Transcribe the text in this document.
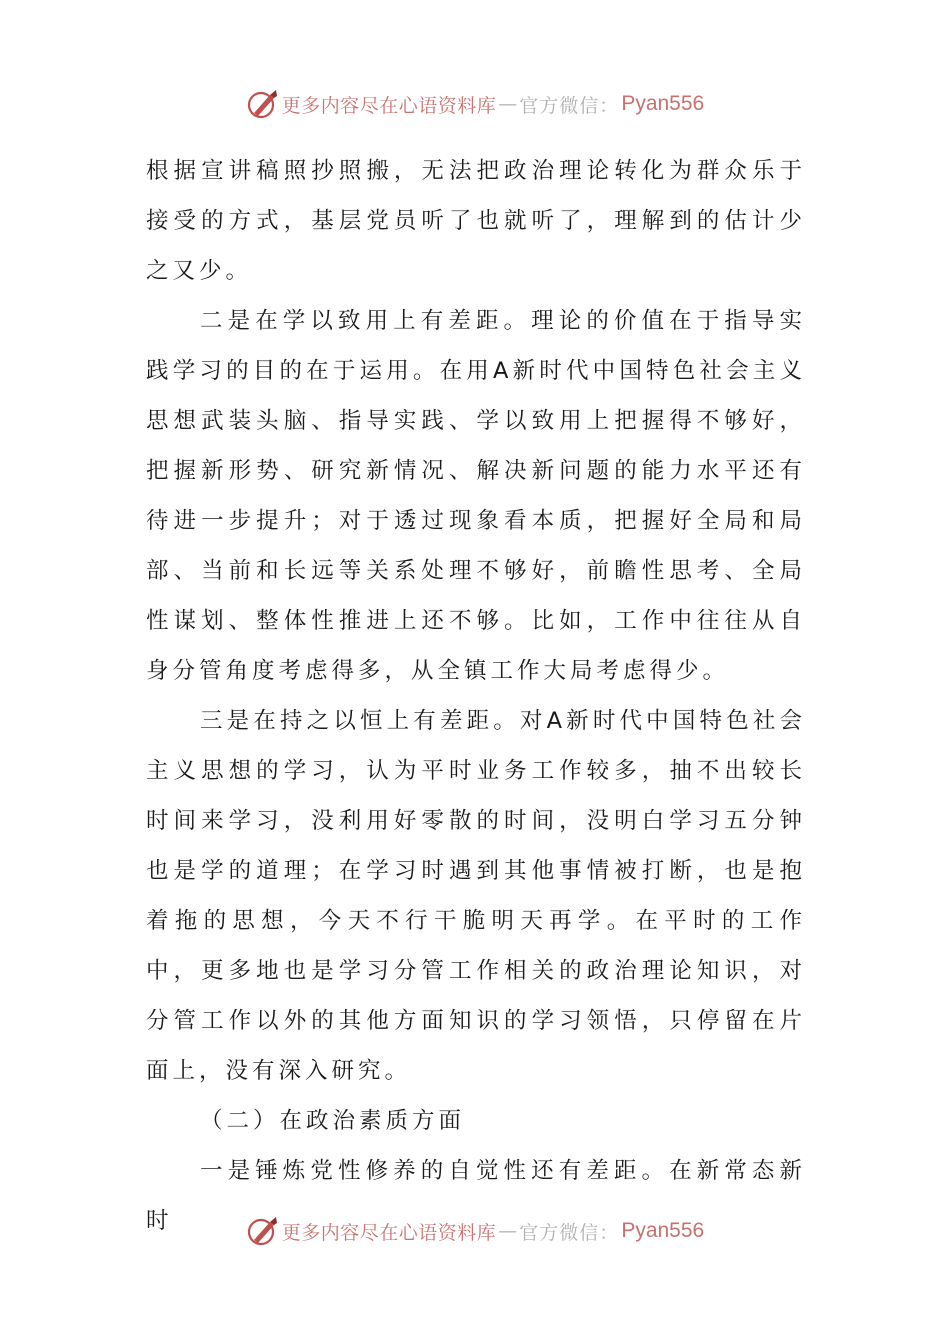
更多内容尽在心语资料库 — 官方微信： Pyan556

根据宣讲稿照抄照搬，无法把政治理论转化为群众乐于接受的方式，基层党员听了也就听了，理解到的估计少之又少。

二是在学以致用上有差距。理论的价值在于指导实践学习的目的在于运用。在用A新时代中国特色社会主义思想武装头脑、指导实践、学以致用上把握得不够好，把握新形势、研究新情况、解决新问题的能力水平还有待进一步提升；对于透过现象看本质，把握好全局和局部、当前和长远等关系处理不够好，前瞻性思考、全局性谋划、整体性推进上还不够。比如，工作中往往从自身分管角度考虑得多，从全镇工作大局考虑得少。

三是在持之以恒上有差距。对A新时代中国特色社会主义思想的学习，认为平时业务工作较多，抽不出较长时间来学习，没利用好零散的时间，没明白学习五分钟也是学的道理；在学习时遇到其他事情被打断，也是抱着拖的思想，今天不行干脆明天再学。在平时的工作中，更多地也是学习分管工作相关的政治理论知识，对分管工作以外的其他方面知识的学习领悟，只停留在片面上，没有深入研究。

（二）在政治素质方面

一是锤炼党性修养的自觉性还有差距。在新常态新时	更多内容尽在心语资料库 — 官方微信： Pyan556
